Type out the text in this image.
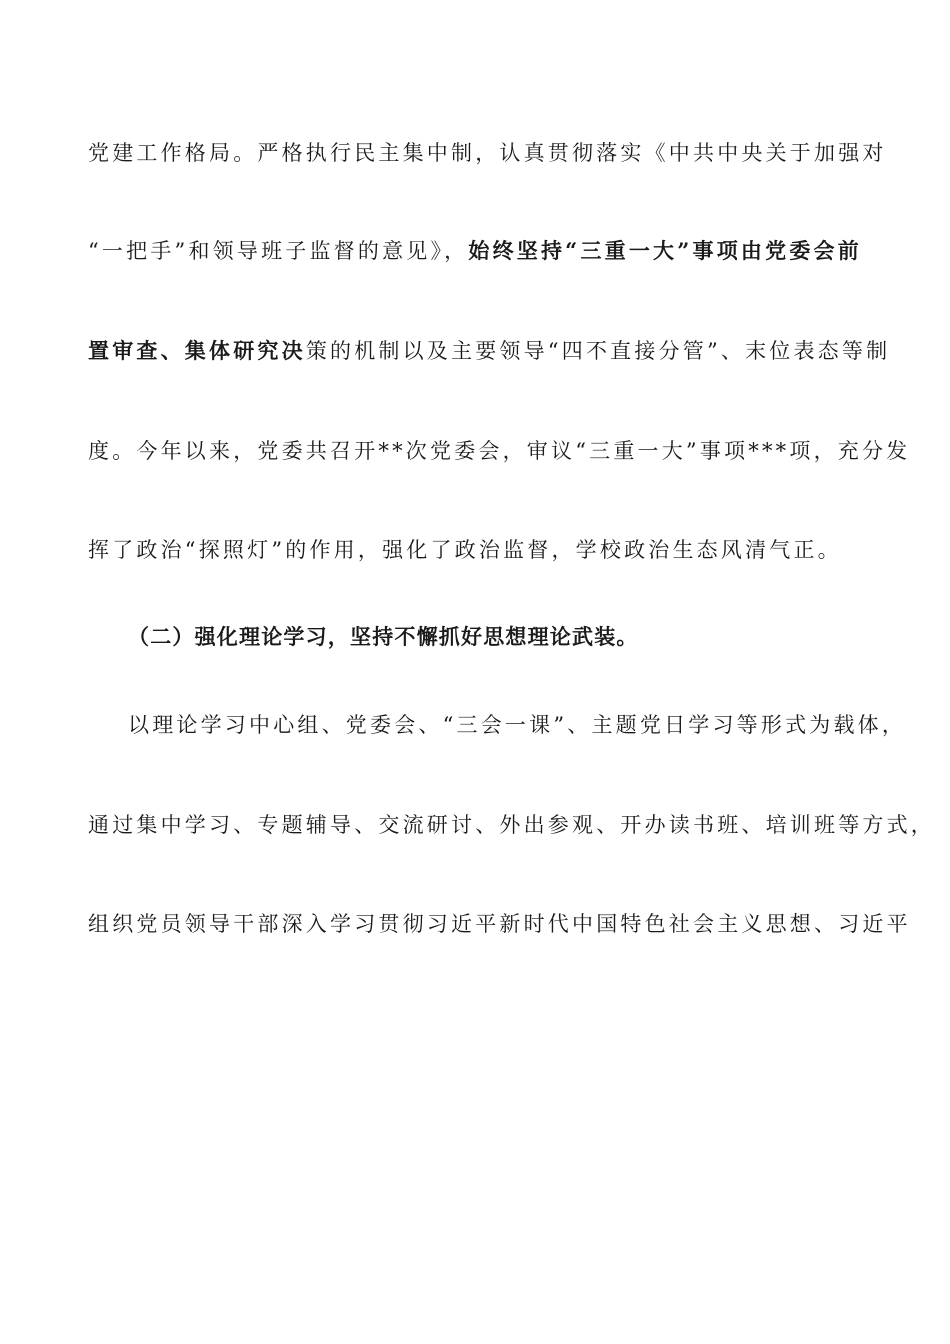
党建工作格局。严格执行民主集中制，认真贯彻落实《中共中央关于加强对
“一把手”和领导班子监督的意见》，始终坚持“三重一大”事项由党委会前
置审查、集体研究决策的机制以及主要领导“四不直接分管”、末位表态等制
度。今年以来，党委共召开**次党委会，审议“三重一大”事项***项，充分发
挥了政治“探照灯”的作用，强化了政治监督，学校政治生态风清气正。
（二）强化理论学习，坚持不懈抓好思想理论武装。
以理论学习中心组、党委会、“三会一课”、主题党日学习等形式为载体，
通过集中学习、专题辅导、交流研讨、外出参观、开办读书班、培训班等方式，
组织党员领导干部深入学习贯彻习近平新时代中国特色社会主义思想、习近平
